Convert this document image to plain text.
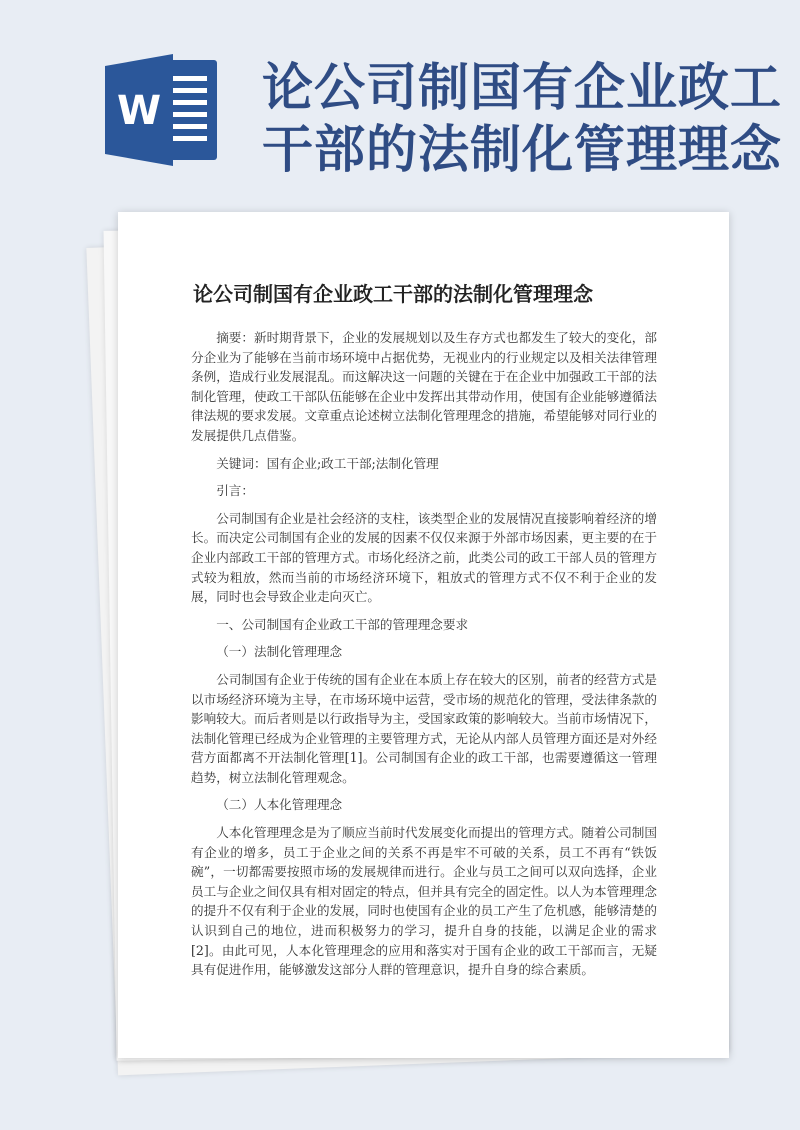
W 论公司制国有企业政工
干部的法制化管理理念
论公司制国有企业政工干部的法制化管理理念

摘要：新时期背景下，企业的发展规划以及生存方式也都发生了较大的变化，部分企业为了能够在当前市场环境中占据优势，无视业内的行业规定以及相关法律管理条例，造成行业发展混乱。而这解决这一问题的关键在于在企业中加强政工干部的法制化管理，使政工干部队伍能够在企业中发挥出其带动作用，使国有企业能够遵循法律法规的要求发展。文章重点论述树立法制化管理理念的措施，希望能够对同行业的发展提供几点借鉴。

关键词：国有企业;政工干部;法制化管理

引言：

公司制国有企业是社会经济的支柱，该类型企业的发展情况直接影响着经济的增长。而决定公司制国有企业的发展的因素不仅仅来源于外部市场因素，更主要的在于企业内部政工干部的管理方式。市场化经济之前，此类公司的政工干部人员的管理方式较为粗放，然而当前的市场经济环境下，粗放式的管理方式不仅不利于企业的发展，同时也会导致企业走向灭亡。

一、公司制国有企业政工干部的管理理念要求

（一）法制化管理理念

公司制国有企业于传统的国有企业在本质上存在较大的区别，前者的经营方式是以市场经济环境为主导，在市场环境中运营，受市场的规范化的管理，受法律条款的影响较大。而后者则是以行政指导为主，受国家政策的影响较大。当前市场情况下，法制化管理已经成为企业管理的主要管理方式，无论从内部人员管理方面还是对外经营方面都离不开法制化管理[1]。公司制国有企业的政工干部，也需要遵循这一管理趋势，树立法制化管理观念。

（二）人本化管理理念

人本化管理理念是为了顺应当前时代发展变化而提出的管理方式。随着公司制国有企业的增多，员工于企业之间的关系不再是牢不可破的关系，员工不再有“铁饭碗”，一切都需要按照市场的发展规律而进行。企业与员工之间可以双向选择，企业员工与企业之间仅具有相对固定的特点，但并具有完全的固定性。以人为本管理理念的提升不仅有利于企业的发展，同时也使国有企业的员工产生了危机感，能够清楚的认识到自己的地位，进而积极努力的学习，提升自身的技能，以满足企业的需求[2]。由此可见，人本化管理理念的应用和落实对于国有企业的政工干部而言，无疑具有促进作用，能够激发这部分人群的管理意识，提升自身的综合素质。
